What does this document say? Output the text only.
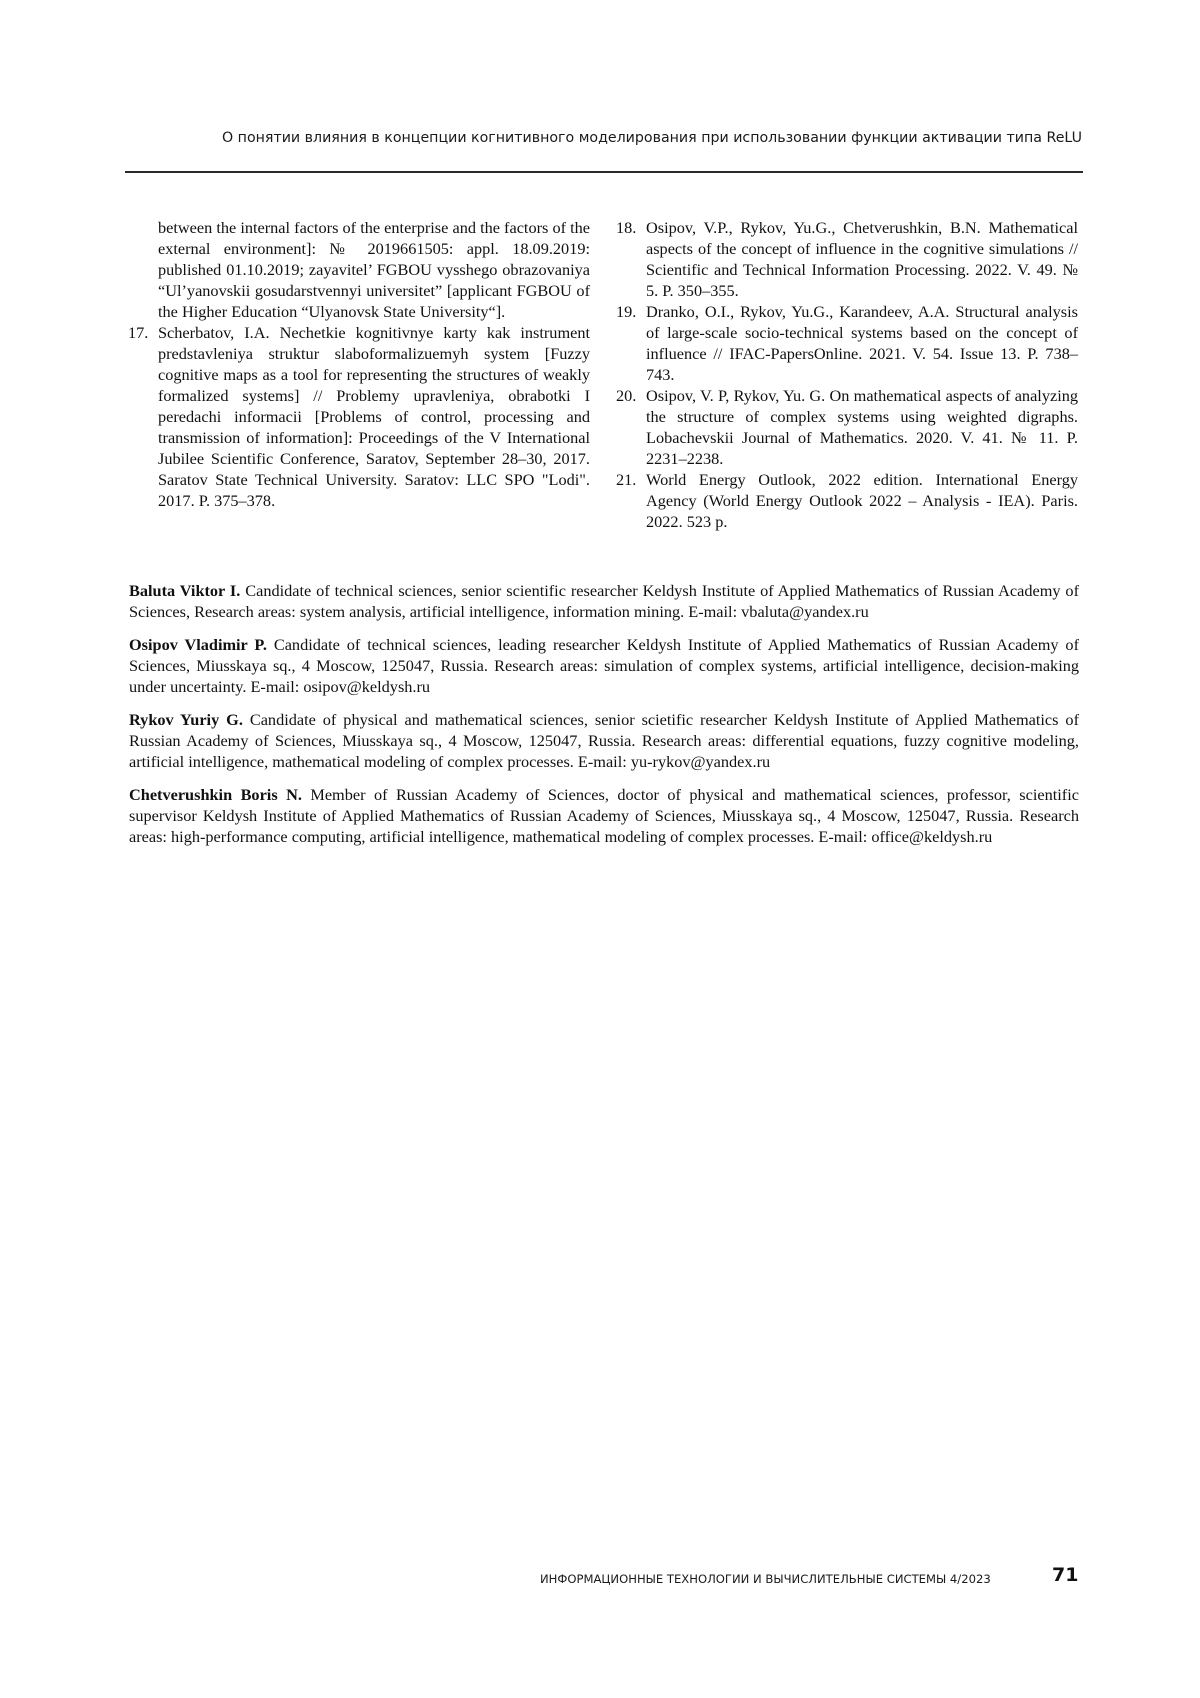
О понятии влияния в концепции когнитивного моделирования при использовании функции активации типа ReLU

between the internal factors of the enterprise and the factors of the external environment]: № 2019661505: appl. 18.09.2019: published 01.10.2019; zayavitel’ FGBOU vysshego obrazovaniya “Ul’yanovskii gosudarstvennyi universitet” [applicant FGBOU of the Higher Education “Ulyanovsk State University“].

17. Scherbatov, I.A. Nechetkie kognitivnye karty kak instrument predstavleniya struktur slaboformalizuemyh system [Fuzzy cognitive maps as a tool for representing the structures of weakly formalized systems] // Problemy upravleniya, obrabotki I peredachi informacii [Problems of control, processing and transmission of information]: Proceedings of the V International Jubilee Scientific Conference, Saratov, September 28–30, 2017. Saratov State Technical University. Saratov: LLC SPO "Lodi". 2017. P. 375–378.

18. Osipov, V.P., Rykov, Yu.G., Chetverushkin, B.N. Mathematical aspects of the concept of influence in the cognitive simulations // Scientific and Technical Information Processing. 2022. V. 49. № 5. P. 350–355.

19. Dranko, O.I., Rykov, Yu.G., Karandeev, A.A. Structural analysis of large-scale socio-technical systems based on the concept of influence // IFAC-PapersOnline. 2021. V. 54. Issue 13. P. 738–743.

20. Osipov, V. P, Rykov, Yu. G. On mathematical aspects of analyzing the structure of complex systems using weighted digraphs. Lobachevskii Journal of Mathematics. 2020. V. 41. № 11. P. 2231–2238.

21. World Energy Outlook, 2022 edition. International Energy Agency (World Energy Outlook 2022 – Analysis - IEA). Paris. 2022. 523 p.

Baluta Viktor I. Candidate of technical sciences, senior scientific researcher Keldysh Institute of Applied Mathematics of Russian Academy of Sciences, Research areas: system analysis, artificial intelligence, information mining. E-mail: vbaluta@yandex.ru

Osipov Vladimir P. Candidate of technical sciences, leading researcher Keldysh Institute of Applied Mathematics of Russian Academy of Sciences, Miusskaya sq., 4 Moscow, 125047, Russia. Research areas: simulation of complex systems, artificial intelligence, decision-making under uncertainty. E-mail: osipov@keldysh.ru

Rykov Yuriy G. Candidate of physical and mathematical sciences, senior scietific researcher Keldysh Institute of Applied Mathematics of Russian Academy of Sciences, Miusskaya sq., 4 Moscow, 125047, Russia. Research areas: differential equations, fuzzy cognitive modeling, artificial intelligence, mathematical modeling of complex processes. E-mail: yu-rykov@yandex.ru

Chetverushkin Boris N. Member of Russian Academy of Sciences, doctor of physical and mathematical sciences, professor, scientific supervisor Keldysh Institute of Applied Mathematics of Russian Academy of Sciences, Miusskaya sq., 4 Moscow, 125047, Russia. Research areas: high-performance computing, artificial intelligence, mathematical modeling of complex processes. E-mail: office@keldysh.ru

ИНФОРМАЦИОННЫЕ ТЕХНОЛОГИИ И ВЫЧИСЛИТЕЛЬНЫЕ СИСТЕМЫ 4/2023	71
